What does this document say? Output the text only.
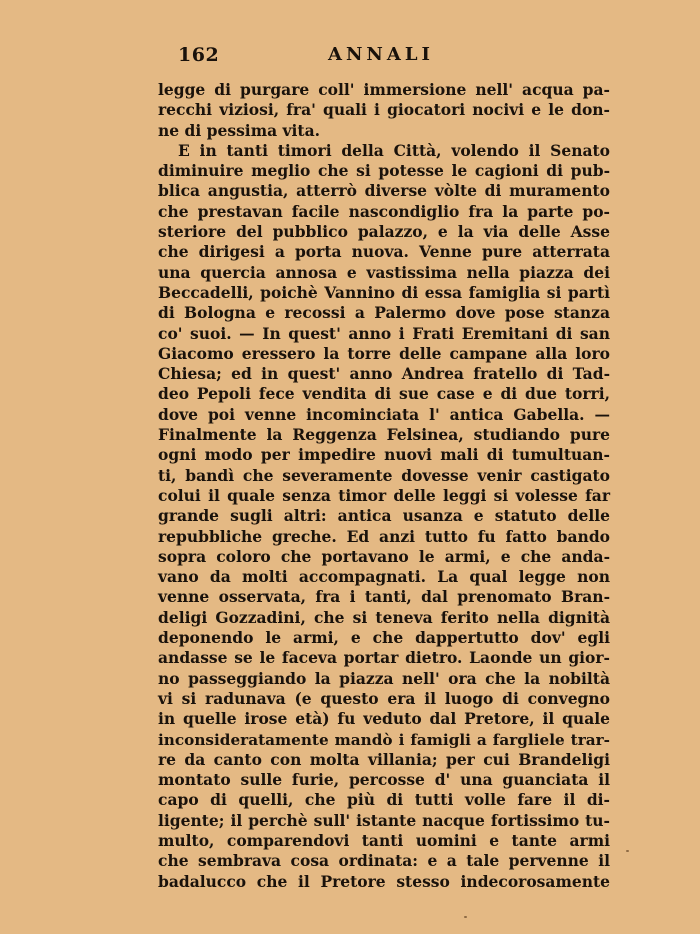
162	ANNALI
legge di purgare coll' immersione nell' acqua pa-
recchi viziosi, fra' quali i giocatori nocivi e le don-
ne di pessima vita.
E in tanti timori della Città, volendo il Senato
diminuire meglio che si potesse le cagioni di pub-
blica angustia, atterrò diverse vòlte di muramento
che prestavan facile nascondiglio fra la parte po-
steriore del pubblico palazzo, e la via delle Asse
che dirigesi a porta nuova. Venne pure atterrata
una quercia annosa e vastissima nella piazza dei
Beccadelli, poichè Vannino di essa famiglia si partì
di Bologna e recossi a Palermo dove pose stanza
co' suoi. — In quest' anno i Frati Eremitani di san
Giacomo eressero la torre delle campane alla loro
Chiesa; ed in quest' anno Andrea fratello di Tad-
deo Pepoli fece vendita di sue case e di due torri,
dove poi venne incominciata l' antica Gabella. —
Finalmente la Reggenza Felsinea, studiando pure
ogni modo per impedire nuovi mali di tumultuan-
ti, bandì che severamente dovesse venir castigato
colui il quale senza timor delle leggi si volesse far
grande sugli altri: antica usanza e statuto delle
repubbliche greche. Ed anzi tutto fu fatto bando
sopra coloro che portavano le armi, e che anda-
vano da molti accompagnati. La qual legge non
venne osservata, fra i tanti, dal prenomato Bran-
deligi Gozzadini, che si teneva ferito nella dignità
deponendo le armi, e che dappertutto dov' egli
andasse se le faceva portar dietro. Laonde un gior-
no passeggiando la piazza nell' ora che la nobiltà
vi si radunava (e questo era il luogo di convegno
in quelle irose età) fu veduto dal Pretore, il quale
inconsideratamente mandò i famigli a fargliele trar-
re da canto con molta villania; per cui Brandeligi
montato sulle furie, percosse d' una guanciata il
capo di quelli, che più di tutti volle fare il di-
ligente; il perchè sull' istante nacque fortissimo tu-
multo, comparendovi tanti uomini e tante armi
che sembrava cosa ordinata: e a tale pervenne il
badalucco che il Pretore stesso indecorosamente
